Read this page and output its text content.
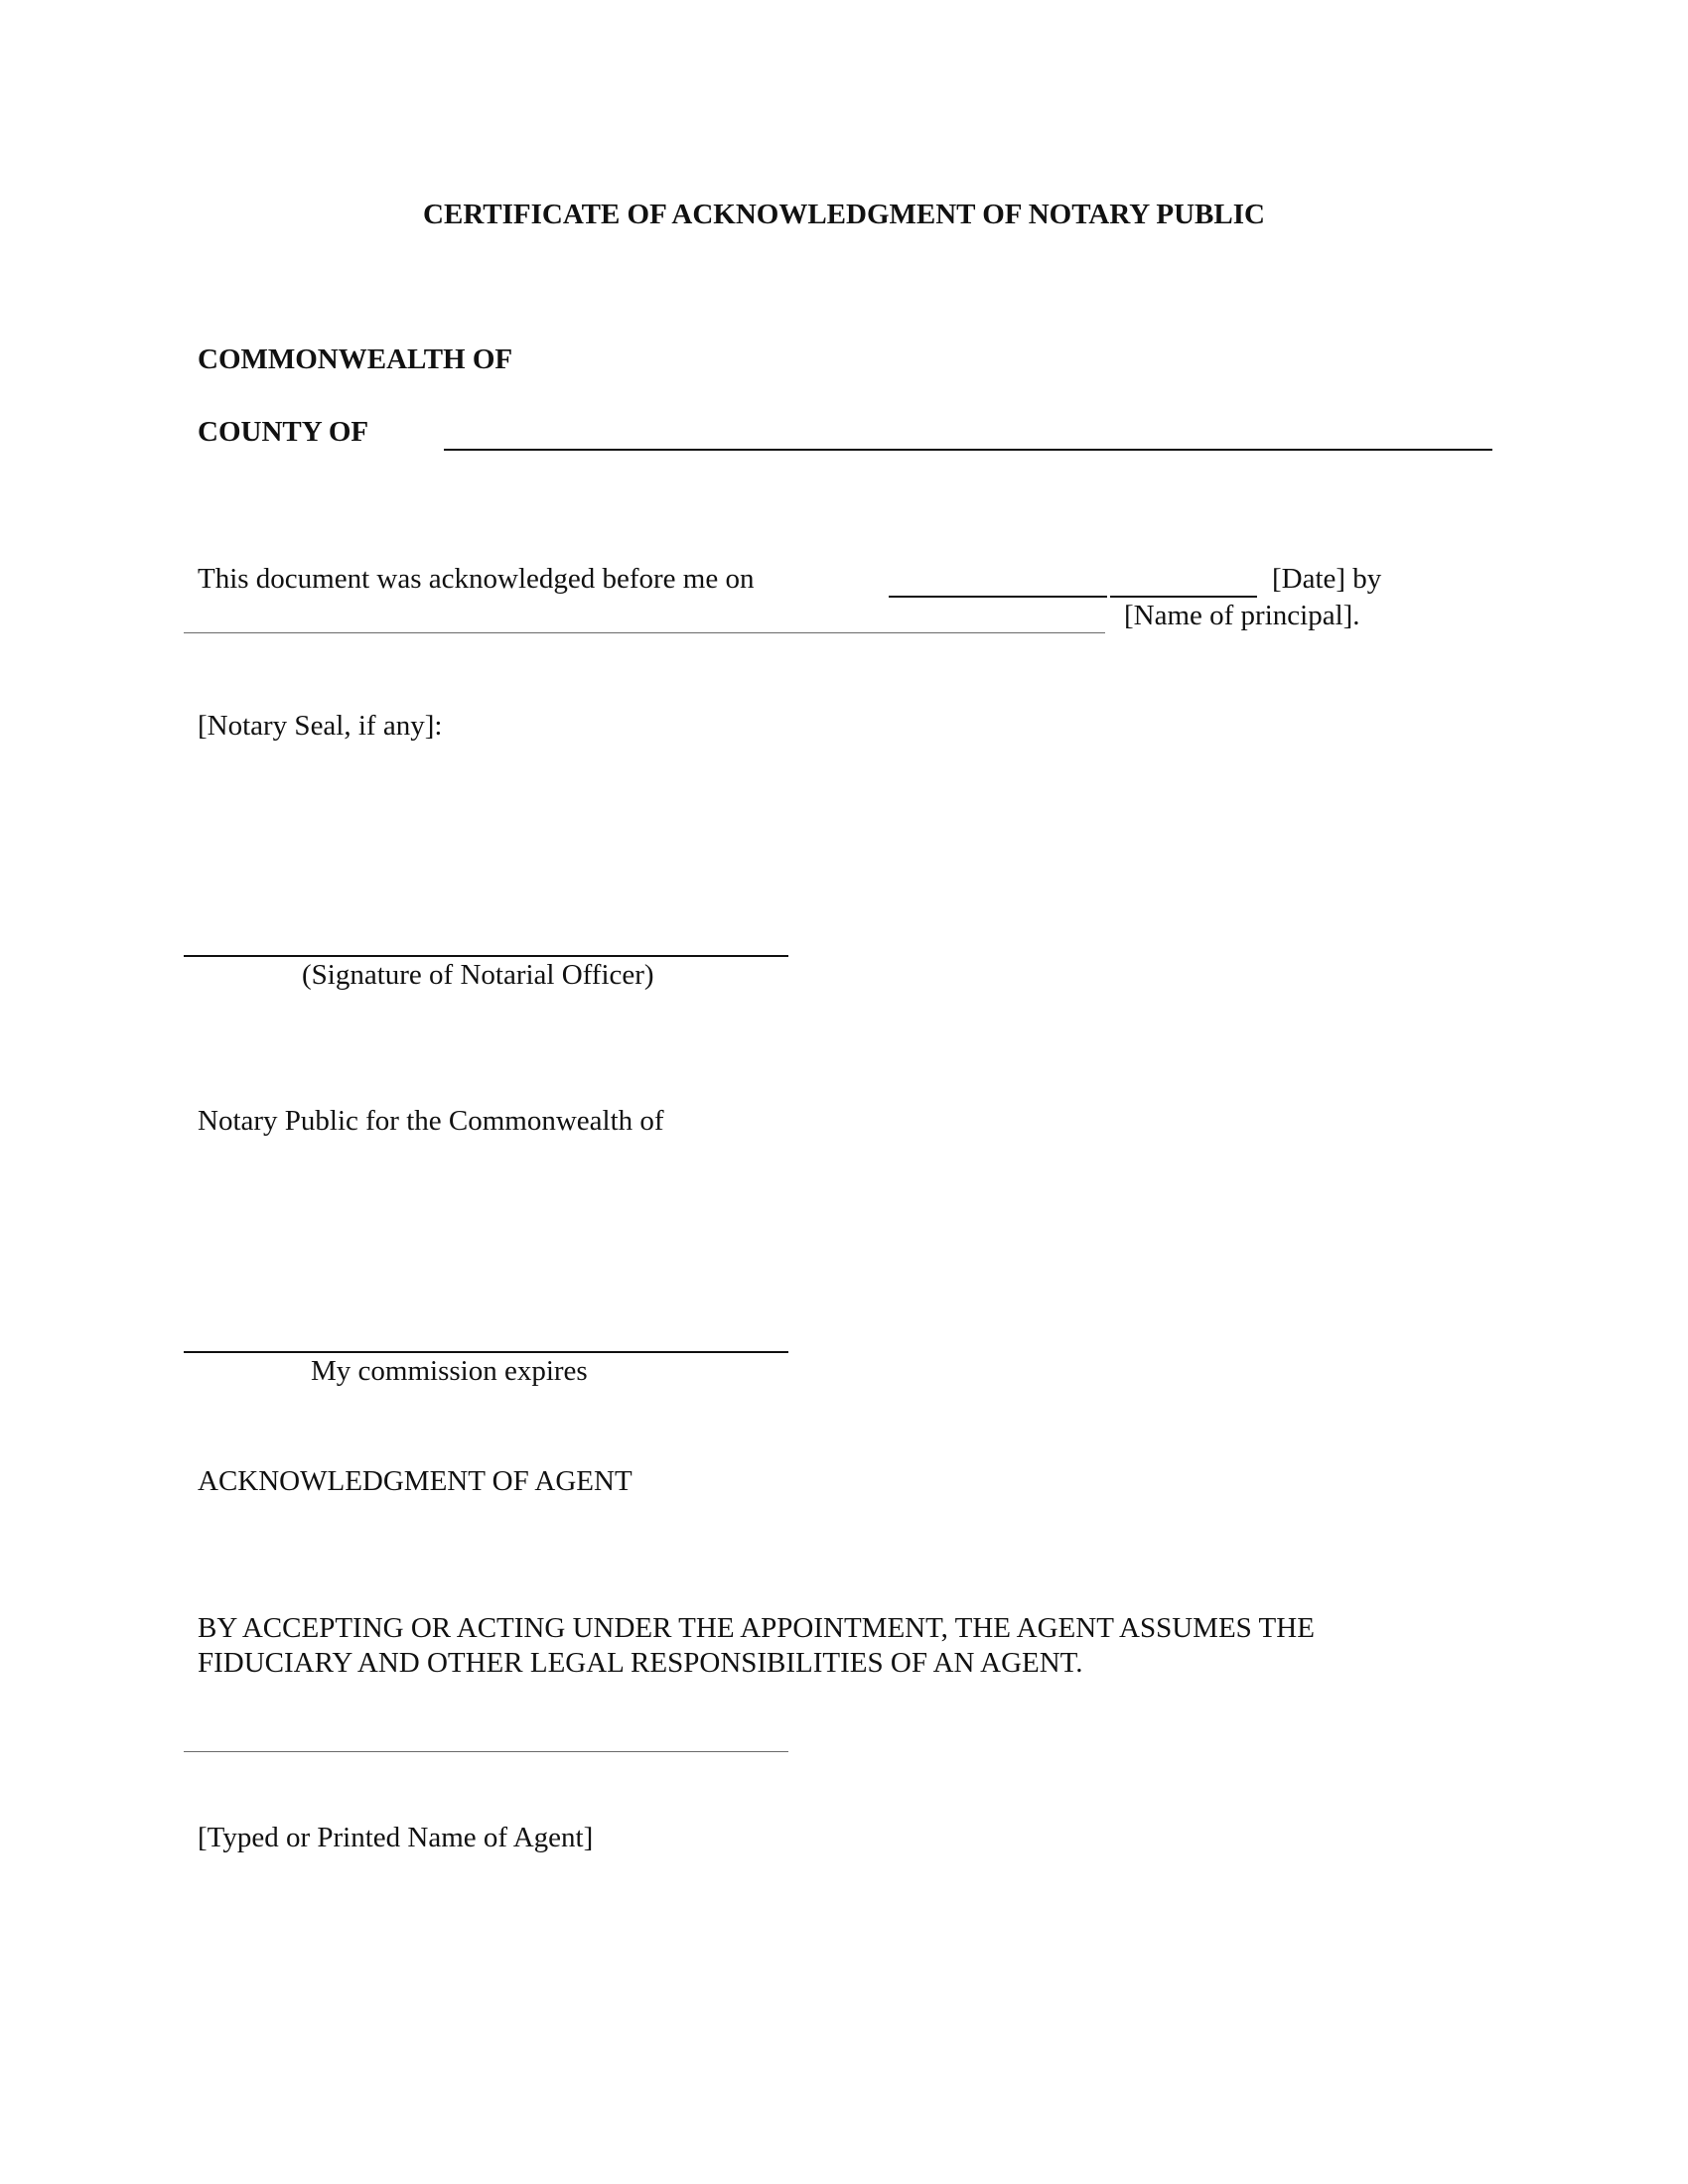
CERTIFICATE OF ACKNOWLEDGMENT OF NOTARY PUBLIC
COMMONWEALTH OF
COUNTY OF
This document was acknowledged before me on	[Date] by
[Name of principal].
[Notary Seal, if any]:
(Signature of Notarial Officer)
Notary Public for the Commonwealth of
My commission expires
ACKNOWLEDGMENT OF AGENT
BY ACCEPTING OR ACTING UNDER THE APPOINTMENT, THE AGENT ASSUMES THE
FIDUCIARY AND OTHER LEGAL RESPONSIBILITIES OF AN AGENT.
[Typed or Printed Name of Agent]
